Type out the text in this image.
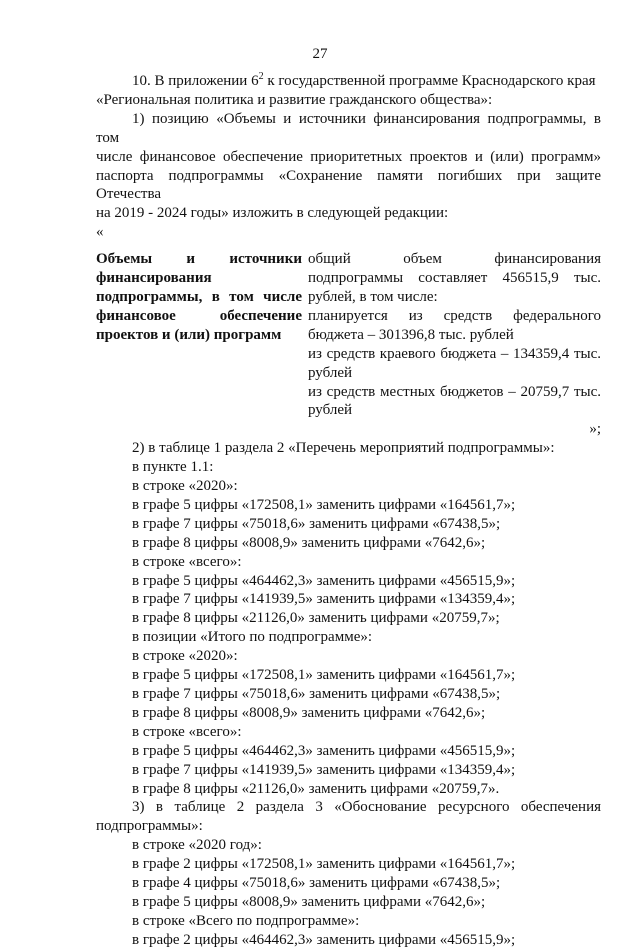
27

10. В приложении $6^2$ к государственной программе Краснодарского края

«Региональная политика и развитие гражданского общества»:

1) позицию «Объемы и источники финансирования подпрограммы, в том

числе финансовое обеспечение приоритетных проектов и (или) программ»

паспорта подпрограммы «Сохранение памяти погибших при защите Отечества

на 2019 - 2024 годы» изложить в следующей редакции:

«

Объемы и источники
финансирования
подпрограммы, в том числе
финансовое обеспечение
проектов и (или) программ
общий объем финансирования
подпрограммы составляет 456515,9 тыс.
рублей, в том числе:
планируется из средств федерального
бюджета – 301396,8 тыс. рублей
из средств краевого бюджета – 134359,4 тыс.
рублей
из средств местных бюджетов – 20759,7 тыс.
рублей

»;

2) в таблице 1 раздела 2 «Перечень мероприятий подпрограммы»:

в пункте 1.1:

в строке «2020»:

в графе 5 цифры «172508,1» заменить цифрами «164561,7»;

в графе 7 цифры «75018,6» заменить цифрами «67438,5»;

в графе 8 цифры «8008,9» заменить цифрами «7642,6»;

в строке «всего»:

в графе 5 цифры «464462,3» заменить цифрами «456515,9»;

в графе 7 цифры «141939,5» заменить цифрами «134359,4»;

в графе 8 цифры «21126,0» заменить цифрами «20759,7»;

в позиции «Итого по подпрограмме»:

в строке «2020»:

в графе 5 цифры «172508,1» заменить цифрами «164561,7»;

в графе 7 цифры «75018,6» заменить цифрами «67438,5»;

в графе 8 цифры «8008,9» заменить цифрами «7642,6»;

в строке «всего»:

в графе 5 цифры «464462,3» заменить цифрами «456515,9»;

в графе 7 цифры «141939,5» заменить цифрами «134359,4»;

в графе 8 цифры «21126,0» заменить цифрами «20759,7».

3) в таблице 2 раздела 3 «Обоснование ресурсного обеспечения

подпрограммы»:

в строке «2020 год»:

в графе 2 цифры «172508,1» заменить цифрами «164561,7»;

в графе 4 цифры «75018,6» заменить цифрами «67438,5»;

в графе 5 цифры «8008,9» заменить цифрами «7642,6»;

в строке «Всего по подпрограмме»:

в графе 2 цифры «464462,3» заменить цифрами «456515,9»;
